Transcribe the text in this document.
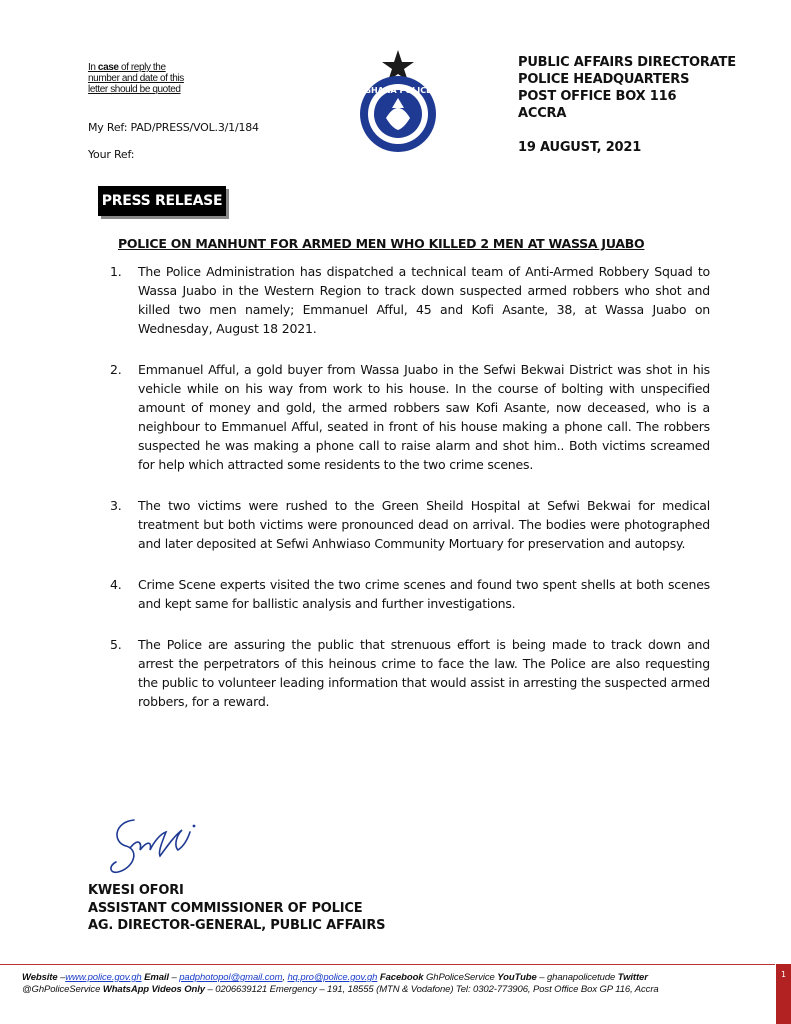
In case of reply the
number and date of this
letter should be quoted
My Ref: PAD/PRESS/VOL.3/1/184
Your Ref:
GHANA POLICE
PUBLIC AFFAIRS DIRECTORATE
POLICE HEADQUARTERS
POST OFFICE BOX 116
ACCRA
19 AUGUST, 2021
PRESS RELEASE
POLICE ON MANHUNT FOR ARMED MEN WHO KILLED 2 MEN AT WASSA JUABO
1. The Police Administration has dispatched a technical team of Anti-Armed Robbery Squad to Wassa Juabo in the Western Region to track down suspected armed robbers who shot and killed two men namely; Emmanuel Afful, 45 and Kofi Asante, 38, at Wassa Juabo on Wednesday, August 18 2021.
2. Emmanuel Afful, a gold buyer from Wassa Juabo in the Sefwi Bekwai District was shot in his vehicle while on his way from work to his house. In the course of bolting with unspecified amount of money and gold, the armed robbers saw Kofi Asante, now deceased, who is a neighbour to Emmanuel Afful, seated in front of his house making a phone call. The robbers suspected he was making a phone call to raise alarm and shot him.. Both victims screamed for help which attracted some residents to the two crime scenes.
3. The two victims were rushed to the Green Sheild Hospital at Sefwi Bekwai for medical treatment but both victims were pronounced dead on arrival. The bodies were photographed and later deposited at Sefwi Anhwiaso Community Mortuary for preservation and autopsy.
4. Crime Scene experts visited the two crime scenes and found two spent shells at both scenes and kept same for ballistic analysis and further investigations.
5. The Police are assuring the public that strenuous effort is being made to track down and arrest the perpetrators of this heinous crime to face the law. The Police are also requesting the public to volunteer leading information that would assist in arresting the suspected armed robbers, for a reward.
KWESI OFORI
ASSISTANT COMMISSIONER OF POLICE
AG. DIRECTOR-GENERAL, PUBLIC AFFAIRS
Website –www.police.gov.gh Email – padphotopol@gmail.com, hq.pro@police.gov.gh Facebook GhPoliceService YouTube – ghanapolicetude Twitter
@GhPoliceService WhatsApp Videos Only – 0206639121 Emergency – 191, 18555 (MTN & Vodafone) Tel: 0302-773906, Post Office Box GP 116, Accra
1
